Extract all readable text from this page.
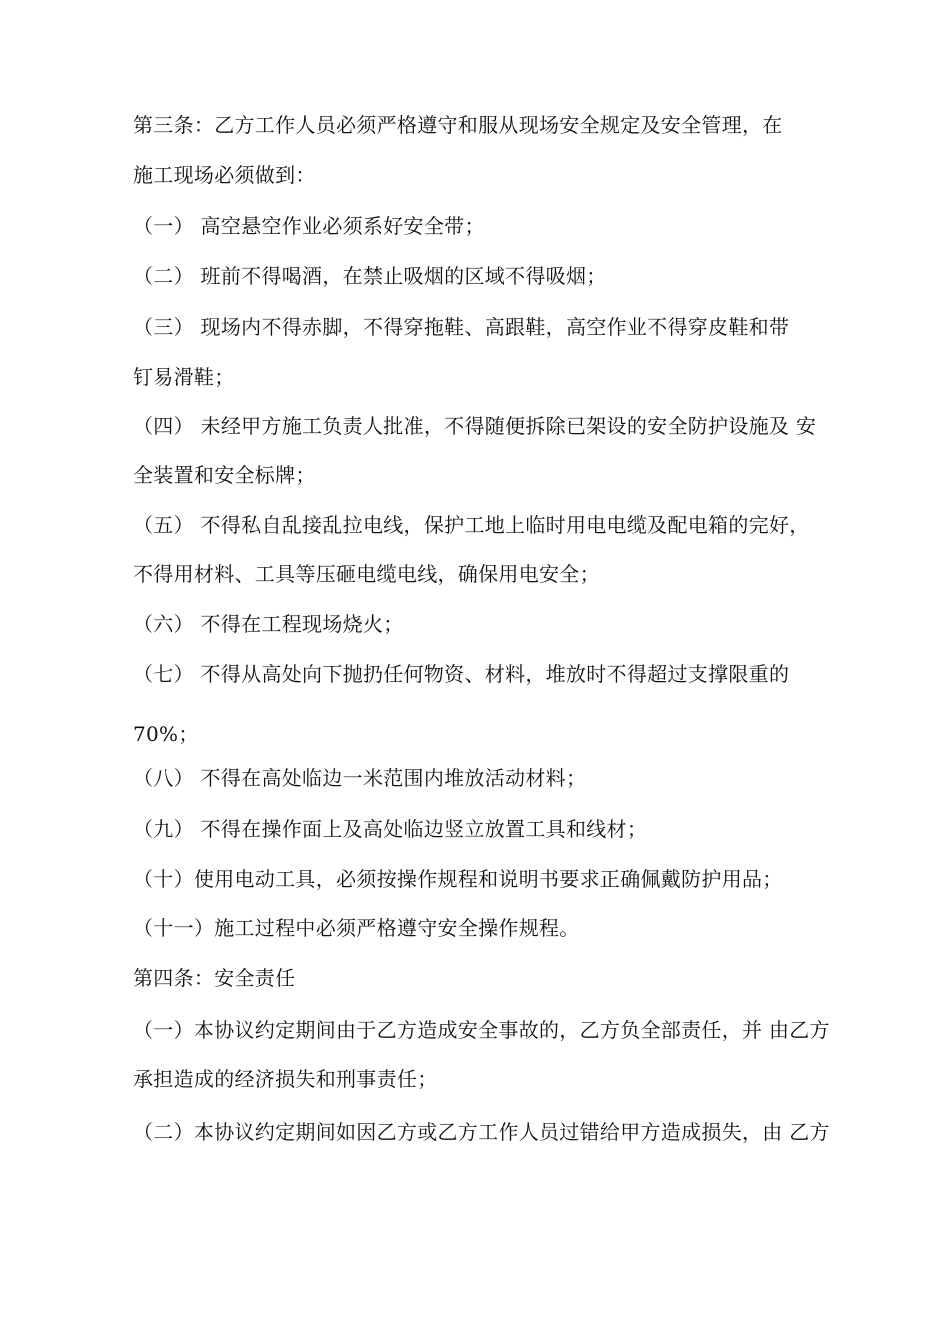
第三条：乙方工作人员必须严格遵守和服从现场安全规定及安全管理，在
施工现场必须做到：
（一） 高空悬空作业必须系好安全带；
（二） 班前不得喝酒，在禁止吸烟的区域不得吸烟；
（三） 现场内不得赤脚，不得穿拖鞋、高跟鞋，高空作业不得穿皮鞋和带
钉易滑鞋；
（四） 未经甲方施工负责人批准，不得随便拆除已架设的安全防护设施及 安
全装置和安全标牌；
（五） 不得私自乱接乱拉电线，保护工地上临时用电电缆及配电箱的完好，
不得用材料、工具等压砸电缆电线，确保用电安全；
（六） 不得在工程现场烧火；
（七） 不得从高处向下抛扔任何物资、材料，堆放时不得超过支撑限重的
70%；
（八） 不得在高处临边一米范围内堆放活动材料；
（九） 不得在操作面上及高处临边竖立放置工具和线材；
（十）使用电动工具，必须按操作规程和说明书要求正确佩戴防护用品；
（十一）施工过程中必须严格遵守安全操作规程。
第四条：安全责任
（一）本协议约定期间由于乙方造成安全事故的，乙方负全部责任，并 由乙方
承担造成的经济损失和刑事责任；
（二）本协议约定期间如因乙方或乙方工作人员过错给甲方造成损失，由 乙方
